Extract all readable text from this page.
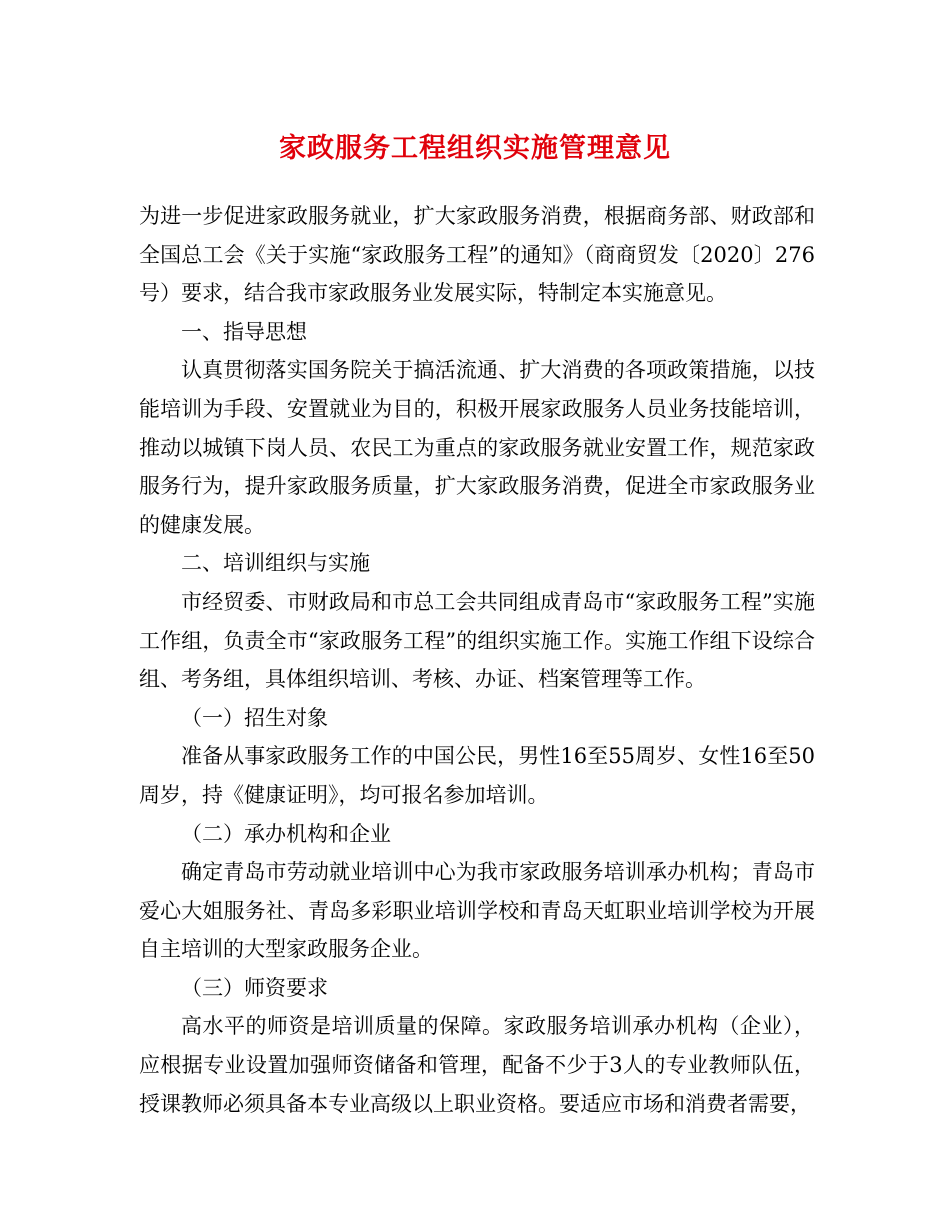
家政服务工程组织实施管理意见

为进一步促进家政服务就业，扩大家政服务消费，根据商务部、财政部和全国总工会《关于实施“家政服务工程”的通知》（商商贸发〔2020〕276号）要求，结合我市家政服务业发展实际，特制定本实施意见。

一、指导思想

认真贯彻落实国务院关于搞活流通、扩大消费的各项政策措施，以技能培训为手段、安置就业为目的，积极开展家政服务人员业务技能培训，推动以城镇下岗人员、农民工为重点的家政服务就业安置工作，规范家政服务行为，提升家政服务质量，扩大家政服务消费，促进全市家政服务业的健康发展。

二、培训组织与实施

市经贸委、市财政局和市总工会共同组成青岛市“家政服务工程”实施工作组，负责全市“家政服务工程”的组织实施工作。实施工作组下设综合组、考务组，具体组织培训、考核、办证、档案管理等工作。

（一）招生对象

准备从事家政服务工作的中国公民，男性16至55周岁、女性16至50周岁，持《健康证明》，均可报名参加培训。

（二）承办机构和企业

确定青岛市劳动就业培训中心为我市家政服务培训承办机构；青岛市爱心大姐服务社、青岛多彩职业培训学校和青岛天虹职业培训学校为开展自主培训的大型家政服务企业。

（三）师资要求

高水平的师资是培训质量的保障。家政服务培训承办机构（企业），应根据专业设置加强师资储备和管理，配备不少于3人的专业教师队伍，授课教师必须具备本专业高级以上职业资格。要适应市场和消费者需要，
